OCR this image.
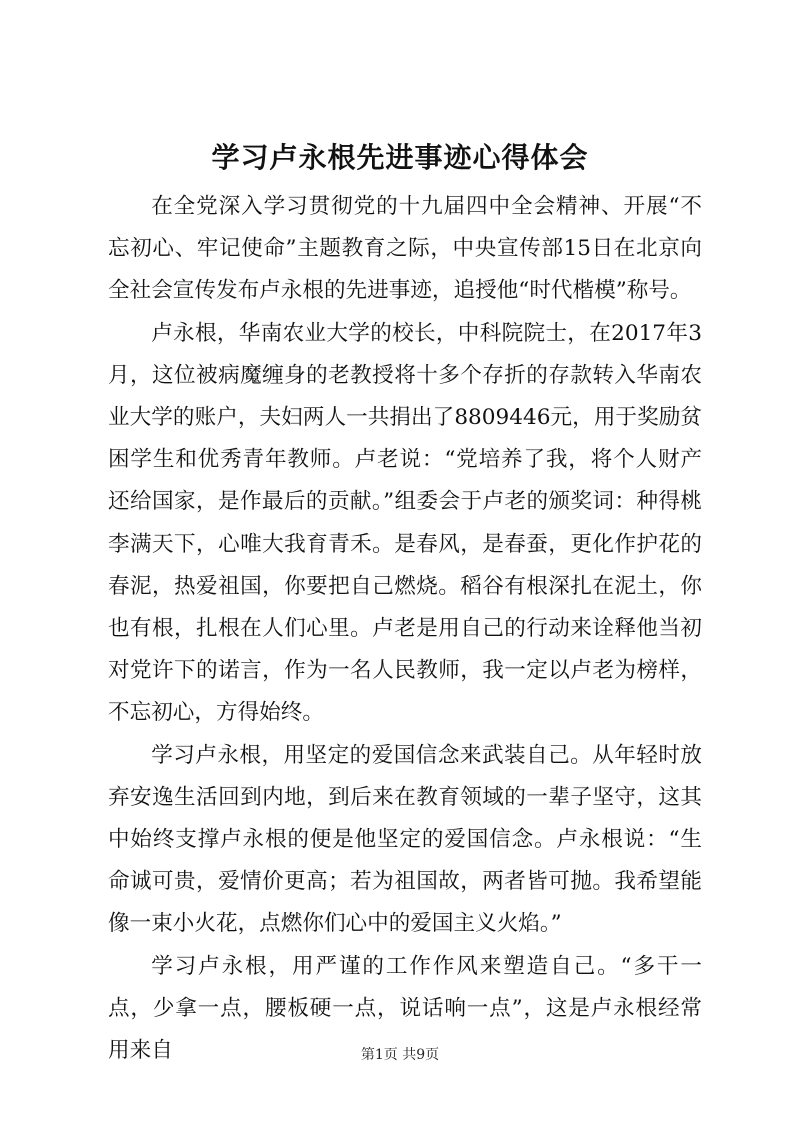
学习卢永根先进事迹心得体会

在全党深入学习贯彻党的十九届四中全会精神、开展“不忘初心、牢记使命”主题教育之际，中央宣传部15日在北京向全社会宣传发布卢永根的先进事迹，追授他“时代楷模”称号。

卢永根，华南农业大学的校长，中科院院士，在2017年3月，这位被病魔缠身的老教授将十多个存折的存款转入华南农业大学的账户，夫妇两人一共捐出了8809446元，用于奖励贫困学生和优秀青年教师。卢老说：“党培养了我，将个人财产还给国家，是作最后的贡献。”组委会于卢老的颁奖词：种得桃李满天下，心唯大我育青禾。是春风，是春蚕，更化作护花的春泥，热爱祖国，你要把自己燃烧。稻谷有根深扎在泥土，你也有根，扎根在人们心里。卢老是用自己的行动来诠释他当初对党许下的诺言，作为一名人民教师，我一定以卢老为榜样，不忘初心，方得始终。

学习卢永根，用坚定的爱国信念来武装自己。从年轻时放弃安逸生活回到内地，到后来在教育领域的一辈子坚守，这其中始终支撑卢永根的便是他坚定的爱国信念。卢永根说：“生命诚可贵，爱情价更高；若为祖国故，两者皆可抛。我希望能像一束小火花，点燃你们心中的爱国主义火焰。”

学习卢永根，用严谨的工作作风来塑造自己。“多干一点，少拿一点，腰板硬一点，说话响一点”，这是卢永根经常用来自	第1页 共9页
